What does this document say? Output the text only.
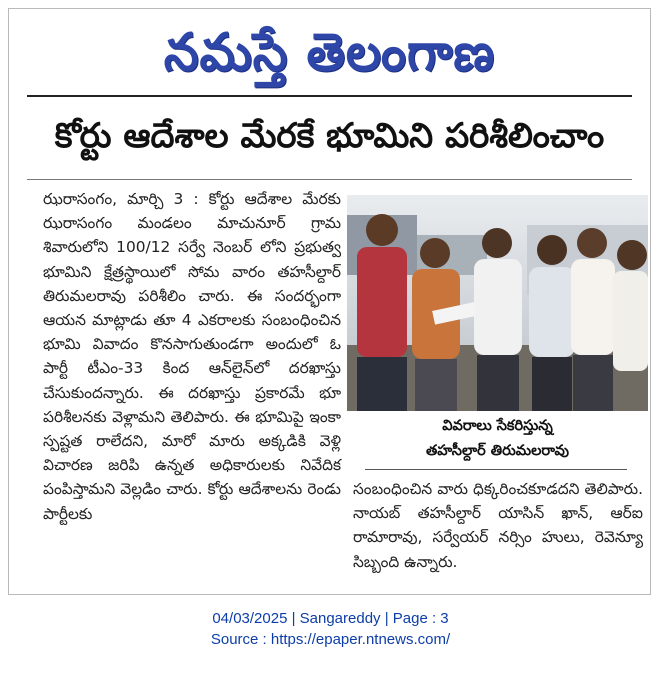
నమస్తే తెలంగాణ
కోర్టు ఆదేశాల మేరకే భూమిని పరిశీలించాం
ఝరాసంగం, మార్చి 3 : కోర్టు ఆదేశాల మేరకు ఝరాసంగం మండలం మాచునూర్ గ్రామ శివారులోని 100/12 సర్వే నెంబర్ లోని ప్రభుత్వ భూమిని క్షేత్రస్థాయిలో సోమ వారం తహసీల్దార్ తిరుమలరావు పరిశీలిం చారు. ఈ సందర్భంగా ఆయన మాట్లాడు తూ 4 ఎకరాలకు సంబంధించిన భూమి వివాదం కొనసాగుతుండగా అందులో ఓ పార్టీ టీఎం-33 కింద ఆన్‌లైన్‌లో దరఖాస్తు చేసుకుందన్నారు. ఈ దరఖాస్తు ప్రకారమే భూ పరిశీలనకు వెళ్లామని తెలిపారు. ఈ భూమిపై ఇంకా స్పష్టత రాలేదని, మారో మారు అక్కడికి వెళ్లి విచారణ జరిపి ఉన్నత అధికారులకు నివేదిక పంపిస్తామని వెల్లడిం చారు. కోర్టు ఆదేశాలను రెండు పార్టీలకు
వివరాలు సేకరిస్తున్న
తహసీల్దార్ తిరుమలరావు
సంబంధించిన వారు ధిక్కరించకూడదని తెలిపారు. నాయబ్ తహసీల్దార్ యాసిన్ ఖాన్, ఆర్ఐ రామారావు, సర్వేయర్ నర్సిం హులు, రెవెన్యూ సిబ్బంది ఉన్నారు.
04/03/2025 | Sangareddy | Page : 3
Source : https://epaper.ntnews.com/
